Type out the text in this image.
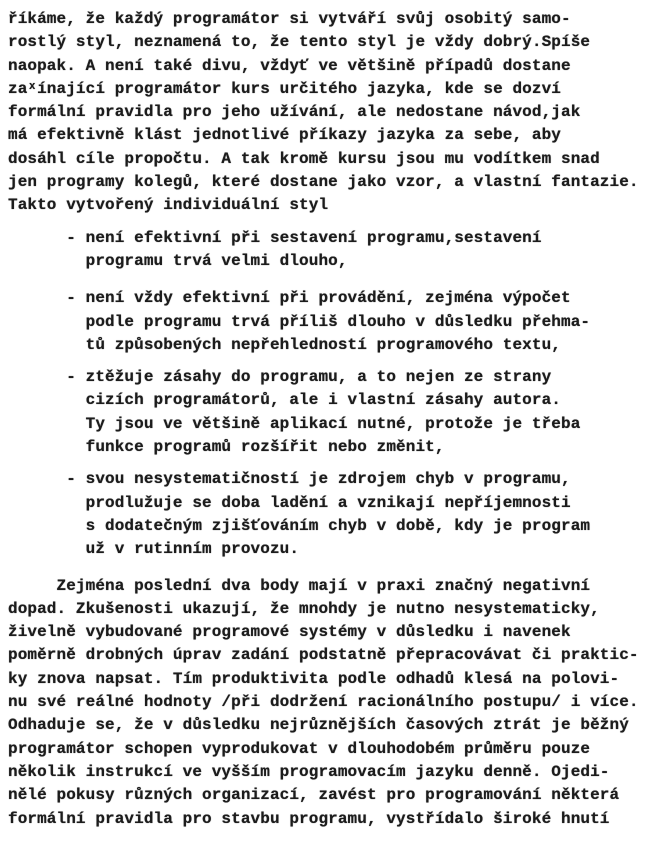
říkáme, že každý programátor si vytváří svůj osobitý samo-
rostlý styl, neznamená to, že tento styl je vždy dobrý.Spíše
naopak. A není také divu, vždyť ve většině případů dostane
zaˣínající programátor kurs určitého jazyka, kde se dozví
formální pravidla pro jeho užívání, ale nedostane návod,jak
má efektivně klást jednotlivé příkazy jazyka za sebe, aby
dosáhl cíle propočtu. A tak kromě kursu jsou mu vodítkem snad
jen programy kolegů, které dostane jako vzor, a vlastní fantazie.
Takto vytvořený individuální styl
- není efektivní při sestavení programu,sestavení
programu trvá velmi dlouho,
- není vždy efektivní při provádění, zejména výpočet
podle programu trvá příliš dlouho v důsledku přehma-
tů způsobených nepřehledností programového textu,
- ztěžuje zásahy do programu, a to nejen ze strany
cizích programátorů, ale i vlastní zásahy autora.
Ty jsou ve většině aplikací nutné, protože je třeba
funkce programů rozšířit nebo změnit,
- svou nesystematičností je zdrojem chyb v programu,
prodlužuje se doba ladění a vznikají nepříjemnosti
s dodatečným zjišťováním chyb v době, kdy je program
už v rutinním provozu.
Zejména poslední dva body mají v praxi značný negativní
dopad. Zkušenosti ukazují, že mnohdy je nutno nesystematicky,
živelně vybudované programové systémy v důsledku i navenek
poměrně drobných úprav zadání podstatně přepracovávat či praktic-
ky znova napsat. Tím produktivita podle odhadů klesá na polovi-
nu své reálné hodnoty /při dodržení racionálního postupu/ i více.
Odhaduje se, že v důsledku nejrůznějších časových ztrát je běžný
programátor schopen vyprodukovat v dlouhodobém průměru pouze
několik instrukcí ve vyšším programovacím jazyku denně. Ojedi-
nělé pokusy různých organizací, zavést pro programování některá
formální pravidla pro stavbu programu, vystřídalo široké hnutí
